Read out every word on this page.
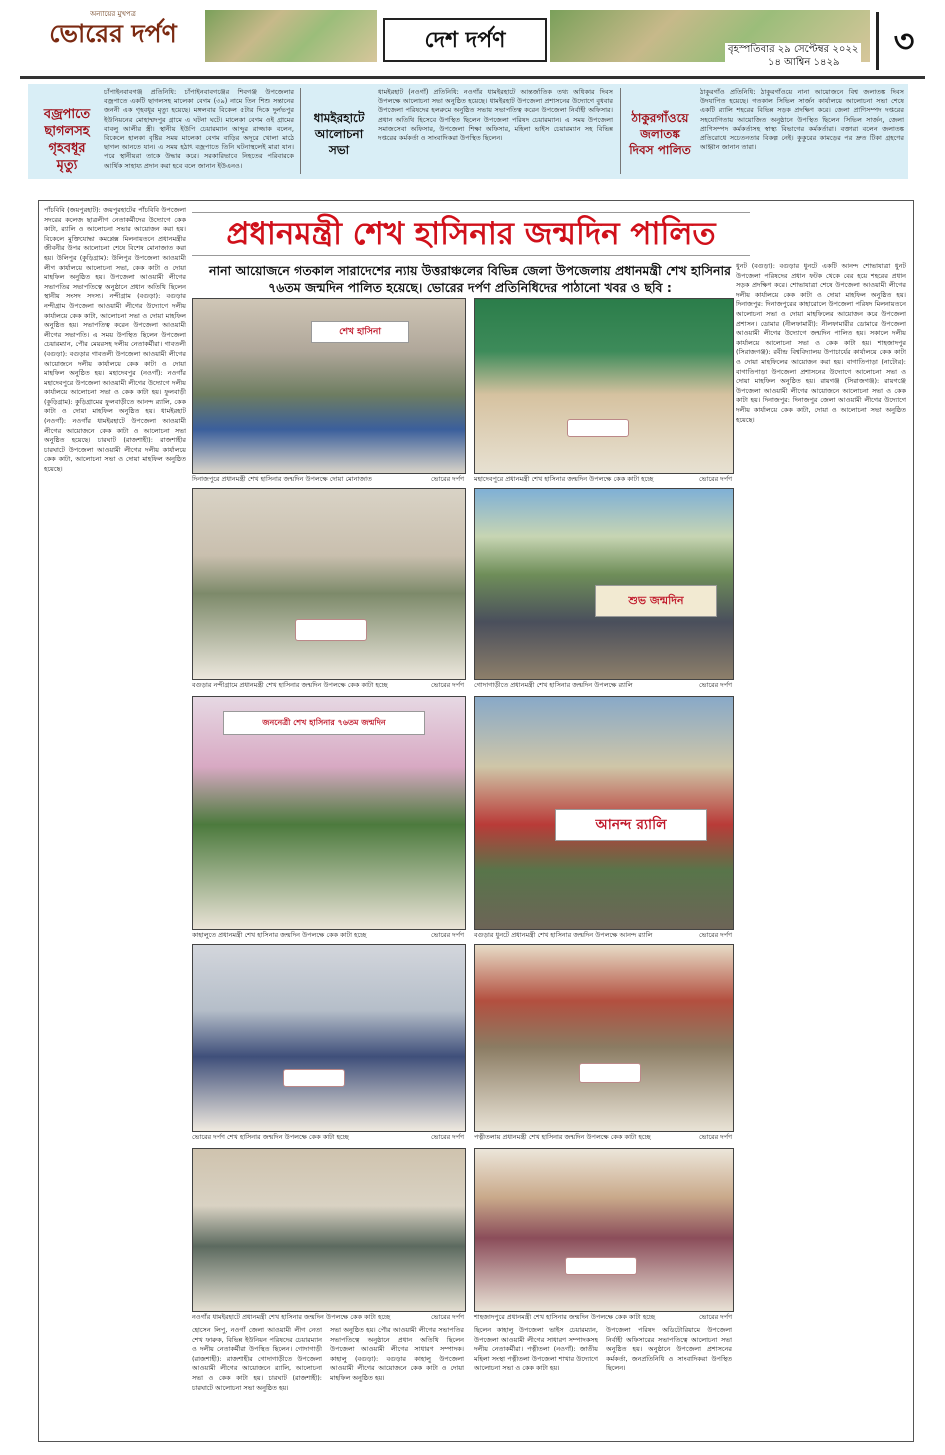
অন্যায়ের মুখপত্র
ভোরের দর্পণ	দেশ দর্পণ	বৃহস্পতিবার ২৯ সেপ্টেম্বর ২০২২
১৪ আশ্বিন ১৪২৯
৩
বজ্রপাতে ছাগলসহ গৃহবধূর মৃত্যু
চাঁপাইনবাবগঞ্জ প্রতিনিধি: চাঁপাইনবাবগঞ্জের শিবগঞ্জ উপজেলার বজ্রপাতে একটি ছাগলসহ মালেকা বেগম (৩৯) নামে তিন শিশু সন্তানের জননী এক গৃহবধূর মৃত্যু হয়েছে। মঙ্গলবার বিকেল ৫টার দিকে দুর্লভপুর ইউনিয়নের মোহাম্মদপুর গ্রামে এ ঘটনা ঘটে। মালেকা বেগম ওই গ্রামের বাবলু আলীর স্ত্রী। স্থানীয় ইউপি চেয়ারম্যান আব্দুর রাজ্জাক বলেন, বিকেলে হালকা বৃষ্টির সময় মালেকা বেগম বাড়ির অদূরে খোলা মাঠে ছাগল আনতে যান। এ সময় হঠাৎ বজ্রপাতে তিনি ঘটনাস্থলেই মারা যান। পরে স্থানীয়রা তাকে উদ্ধার করে। সরকারিভাবে নিহতের পরিবারকে আর্থিক সাহায্য প্রদান করা হবে বলে জানান ইউএনও।
ধামইরহাটে আলোচনা সভা
ধামইরহাট (নওগাঁ) প্রতিনিধি: নওগাঁর ধামইরহাটে আন্তর্জাতিক তথ্য অধিকার দিবস উপলক্ষে আলোচনা সভা অনুষ্ঠিত হয়েছে। ধামইরহাট উপজেলা প্রশাসনের উদ্যোগে বুধবার উপজেলা পরিষদের হলরুমে অনুষ্ঠিত সভায় সভাপতিত্ব করেন উপজেলা নির্বাহী অফিসার। প্রধান অতিথি হিসেবে উপস্থিত ছিলেন উপজেলা পরিষদ চেয়ারম্যান। এ সময় উপজেলা সমাজসেবা অফিসার, উপজেলা শিক্ষা অফিসার, মহিলা ভাইস চেয়ারম্যান সহ বিভিন্ন দপ্তরের কর্মকর্তা ও সাংবাদিকরা উপস্থিত ছিলেন।
ঠাকুরগাঁওয়ে জলাতঙ্ক দিবস পালিত
ঠাকুরগাঁও প্রতিনিধি: ঠাকুরগাঁওয়ে নানা আয়োজনে বিশ্ব জলাতঙ্ক দিবস উদযাপিত হয়েছে। গতকাল সিভিল সার্জন কার্যালয়ে আলোচনা সভা শেষে একটি র‍্যালি শহরের বিভিন্ন সড়ক প্রদক্ষিণ করে। জেলা প্রাণিসম্পদ দপ্তরের সহযোগিতায় আয়োজিত অনুষ্ঠানে উপস্থিত ছিলেন সিভিল সার্জন, জেলা প্রাণিসম্পদ কর্মকর্তাসহ স্বাস্থ্য বিভাগের কর্মকর্তারা। বক্তারা বলেন জলাতঙ্ক প্রতিরোধে সচেতনতার বিকল্প নেই। কুকুরের কামড়ের পর দ্রুত টিকা গ্রহণের আহ্বান জানান তারা।
প্রধানমন্ত্রী শেখ হাসিনার জন্মদিন পালিত
নানা আয়োজনে গতকাল সারাদেশের ন্যায় উত্তরাঞ্চলের বিভিন্ন জেলা উপজেলায় প্রধানমন্ত্রী শেখ হাসিনার ৭৬তম জন্মদিন পালিত হয়েছে। ভোরের দর্পণ প্রতিনিধিদের পাঠানো খবর ও ছবি :
পাঁচবিবি (জয়পুরহাট): জয়পুরহাটের পাঁচবিবি উপজেলা সদরের কলেজ ছাত্রলীগ নেতাকর্মীদের উদ্যোগে কেক কাটা, র‍্যালি ও আলোচনা সভার আয়োজন করা হয়। বিকেলে মুক্তিযোদ্ধা কমপ্লেক্স মিলনায়তনে প্রধানমন্ত্রীর জীবনীর উপর আলোচনা শেষে বিশেষ মোনাজাত করা হয়। উলিপুর (কুড়িগ্রাম): উলিপুর উপজেলা আওয়ামী লীগ কার্যালয়ে আলোচনা সভা, কেক কাটা ও দোয়া মাহফিল অনুষ্ঠিত হয়। উপজেলা আওয়ামী লীগের সভাপতির সভাপতিত্বে অনুষ্ঠানে প্রধান অতিথি ছিলেন স্থানীয় সংসদ সদস্য। নন্দীগ্রাম (বগুড়া): বগুড়ার নন্দীগ্রাম উপজেলা আওয়ামী লীগের উদ্যোগে দলীয় কার্যালয়ে কেক কাটা, আলোচনা সভা ও দোয়া মাহফিল অনুষ্ঠিত হয়। সভাপতিত্ব করেন উপজেলা আওয়ামী লীগের সভাপতি। এ সময় উপস্থিত ছিলেন উপজেলা চেয়ারম্যান, পৌর মেয়রসহ দলীয় নেতাকর্মীরা। গাবতলী (বগুড়া): বগুড়ার গাবতলী উপজেলা আওয়ামী লীগের আয়োজনে দলীয় কার্যালয়ে কেক কাটা ও দোয়া মাহফিল অনুষ্ঠিত হয়। মহাদেবপুর (নওগাঁ): নওগাঁর মহাদেবপুরে উপজেলা আওয়ামী লীগের উদ্যোগে দলীয় কার্যালয়ে আলোচনা সভা ও কেক কাটা হয়। ফুলবাড়ী (কুড়িগ্রাম): কুড়িগ্রামের ফুলবাড়ীতে আনন্দ র‍্যালি, কেক কাটা ও দোয়া মাহফিল অনুষ্ঠিত হয়। ধামইরহাট (নওগাঁ): নওগাঁর ধামইরহাটে উপজেলা আওয়ামী লীগের আয়োজনে কেক কাটা ও আলোচনা সভা অনুষ্ঠিত হয়েছে। চারঘাট (রাজশাহী): রাজশাহীর চারঘাটে উপজেলা আওয়ামী লীগের দলীয় কার্যালয়ে কেক কাটা, আলোচনা সভা ও দোয়া মাহফিল অনুষ্ঠিত হয়েছে।
ধুনট (বগুড়া): বগুড়ার ধুনটে একটি আনন্দ শোভাযাত্রা ধুনট উপজেলা পরিষদের প্রধান ফটক থেকে বের হয়ে শহরের প্রধান সড়ক প্রদক্ষিণ করে। শোভাযাত্রা শেষে উপজেলা আওয়ামী লীগের দলীয় কার্যালয়ে কেক কাটা ও দোয়া মাহফিল অনুষ্ঠিত হয়। দিনাজপুর: দিনাজপুরের কাহারোলে উপজেলা পরিষদ মিলনায়তনে আলোচনা সভা ও দোয়া মাহফিলের আয়োজন করে উপজেলা প্রশাসন। ডোমার (নীলফামারী): নীলফামারীর ডোমারে উপজেলা আওয়ামী লীগের উদ্যোগে জন্মদিন পালিত হয়। সকালে দলীয় কার্যালয়ে আলোচনা সভা ও কেক কাটা হয়। শাহজাদপুর (সিরাজগঞ্জ): রবীন্দ্র বিশ্ববিদ্যালয় উপাচার্যের কার্যালয়ে কেক কাটা ও দোয়া মাহফিলের আয়োজন করা হয়। বাগাতিপাড়া (নাটোর): বাগাতিপাড়া উপজেলা প্রশাসনের উদ্যোগে আলোচনা সভা ও দোয়া মাহফিল অনুষ্ঠিত হয়। রায়গঞ্জ (সিরাজগঞ্জ): রায়গঞ্জে উপজেলা আওয়ামী লীগের আয়োজনে আলোচনা সভা ও কেক কাটা হয়। দিনাজপুর: দিনাজপুর জেলা আওয়ামী লীগের উদ্যোগে দলীয় কার্যালয়ে কেক কাটা, দোয়া ও আলোচনা সভা অনুষ্ঠিত হয়েছে।
শেখ হাসিনা
দিনাজপুরে প্রধানমন্ত্রী শেখ হাসিনার জন্মদিন উপলক্ষে দোয়া মোনাজাত	ভোরের দর্পণ মহাদেবপুরে প্রধানমন্ত্রী শেখ হাসিনার জন্মদিন উপলক্ষে কেক কাটা হচ্ছে	ভোরের দর্পণ
বগুড়ার নন্দীগ্রামে প্রধানমন্ত্রী শেখ হাসিনার জন্মদিন উপলক্ষে কেক কাটা হচ্ছে	ভোরের দর্পণ
শুভ জন্মদিন
গোদাগাড়ীতে প্রধানমন্ত্রী শেখ হাসিনার জন্মদিন উপলক্ষে র‍্যালি	ভোরের দর্পণ
জননেত্রী শেখ হাসিনার ৭৬তম জন্মদিন
কাহালুতে প্রধানমন্ত্রী শেখ হাসিনার জন্মদিন উপলক্ষে কেক কাটা হচ্ছে	ভোরের দর্পণ
আনন্দ র‍্যালি
বগুড়ার ধুনটে প্রধানমন্ত্রী শেখ হাসিনার জন্মদিন উপলক্ষে আনন্দ র‍্যালি	ভোরের দর্পণ
ভোরের দর্পণ শেখ হাসিনার জন্মদিন উপলক্ষে কেক কাটা হচ্ছে	ভোরের দর্পণ পত্নীতলায় প্রধানমন্ত্রী শেখ হাসিনার জন্মদিন উপলক্ষে কেক কাটা হচ্ছে	ভোরের দর্পণ
নওগাঁর ধামইরহাটে প্রধানমন্ত্রী শেখ হাসিনার জন্মদিন উপলক্ষে কেক কাটা হচ্ছে	ভোরের দর্পণ শাহজাদপুরে প্রধানমন্ত্রী শেখ হাসিনার জন্মদিন উপলক্ষে কেক কাটা হচ্ছে	ভোরের দর্পণ
হোসেন লিপু, নওগাঁ জেলা আওয়ামী লীগ নেতা শেখ ফারুক, বিভিন্ন ইউনিয়ন পরিষদের চেয়ারম্যান ও দলীয় নেতাকর্মীরা উপস্থিত ছিলেন। গোদাগাড়ী (রাজশাহী): রাজশাহীর গোদাগাড়ীতে উপজেলা আওয়ামী লীগের আয়োজনে র‍্যালি, আলোচনা সভা ও কেক কাটা হয়। চারঘাট (রাজশাহী): চারঘাটে আলোচনা সভা অনুষ্ঠিত হয়।
সভা অনুষ্ঠিত হয়। পৌর আওয়ামী লীগের সভাপতির সভাপতিত্বে অনুষ্ঠানে প্রধান অতিথি ছিলেন উপজেলা আওয়ামী লীগের সাধারণ সম্পাদক। কাহালু (বগুড়া): বগুড়ার কাহালু উপজেলা আওয়ামী লীগের আয়োজনে কেক কাটা ও দোয়া মাহফিল অনুষ্ঠিত হয়।
ছিলেন কাহালু উপজেলা ভাইস চেয়ারম্যান, উপজেলা আওয়ামী লীগের সাধারণ সম্পাদকসহ দলীয় নেতাকর্মীরা। পত্নীতলা (নওগাঁ): জাতীয় মহিলা সংস্থা পত্নীতলা উপজেলা শাখার উদ্যোগে আলোচনা সভা ও কেক কাটা হয়।
উপজেলা পরিষদ অডিটোরিয়ামে উপজেলা নির্বাহী অফিসারের সভাপতিত্বে আলোচনা সভা অনুষ্ঠিত হয়। অনুষ্ঠানে উপজেলা প্রশাসনের কর্মকর্তা, জনপ্রতিনিধি ও সাংবাদিকরা উপস্থিত ছিলেন।
